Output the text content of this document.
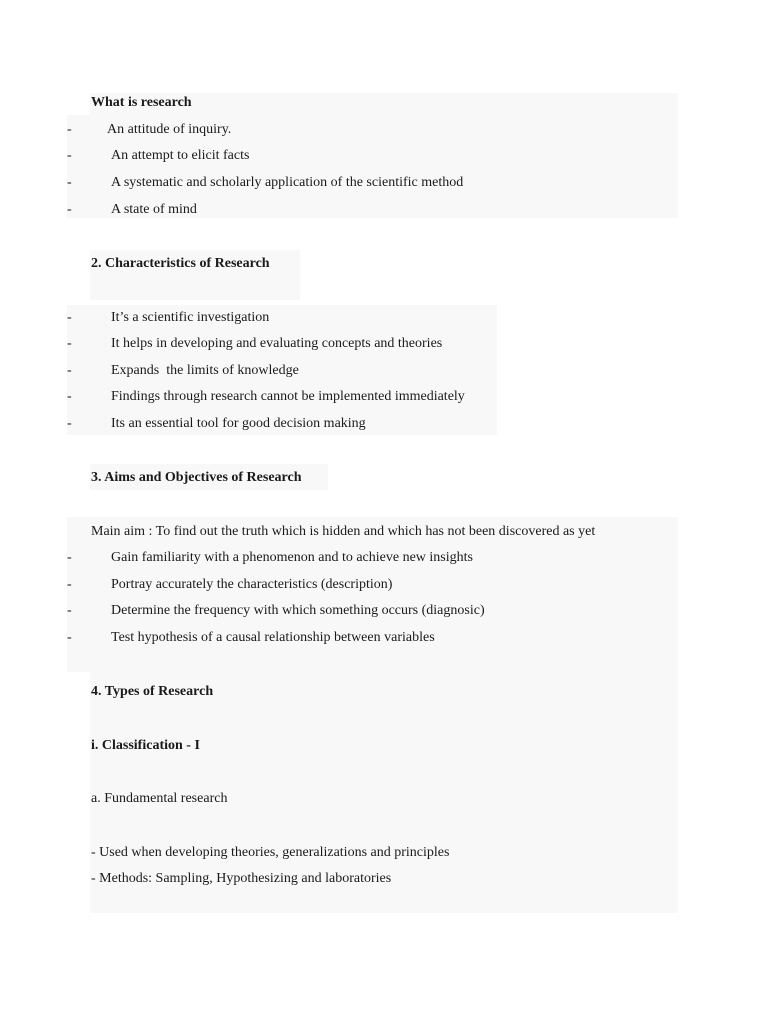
What is research
-	An attitude of inquiry.
-	An attempt to elicit facts
-	A systematic and scholarly application of the scientific method
-	A state of mind
2. Characteristics of Research
-	It’s a scientific investigation
-	It helps in developing and evaluating concepts and theories
-	Expands  the limits of knowledge
-	Findings through research cannot be implemented immediately
-	Its an essential tool for good decision making
3. Aims and Objectives of Research
Main aim : To find out the truth which is hidden and which has not been discovered as yet
-	Gain familiarity with a phenomenon and to achieve new insights
-	Portray accurately the characteristics (description)
-	Determine the frequency with which something occurs (diagnosic)
-	Test hypothesis of a causal relationship between variables
4. Types of Research
i. Classification - I
a. Fundamental research
- Used when developing theories, generalizations and principles
- Methods: Sampling, Hypothesizing and laboratories
